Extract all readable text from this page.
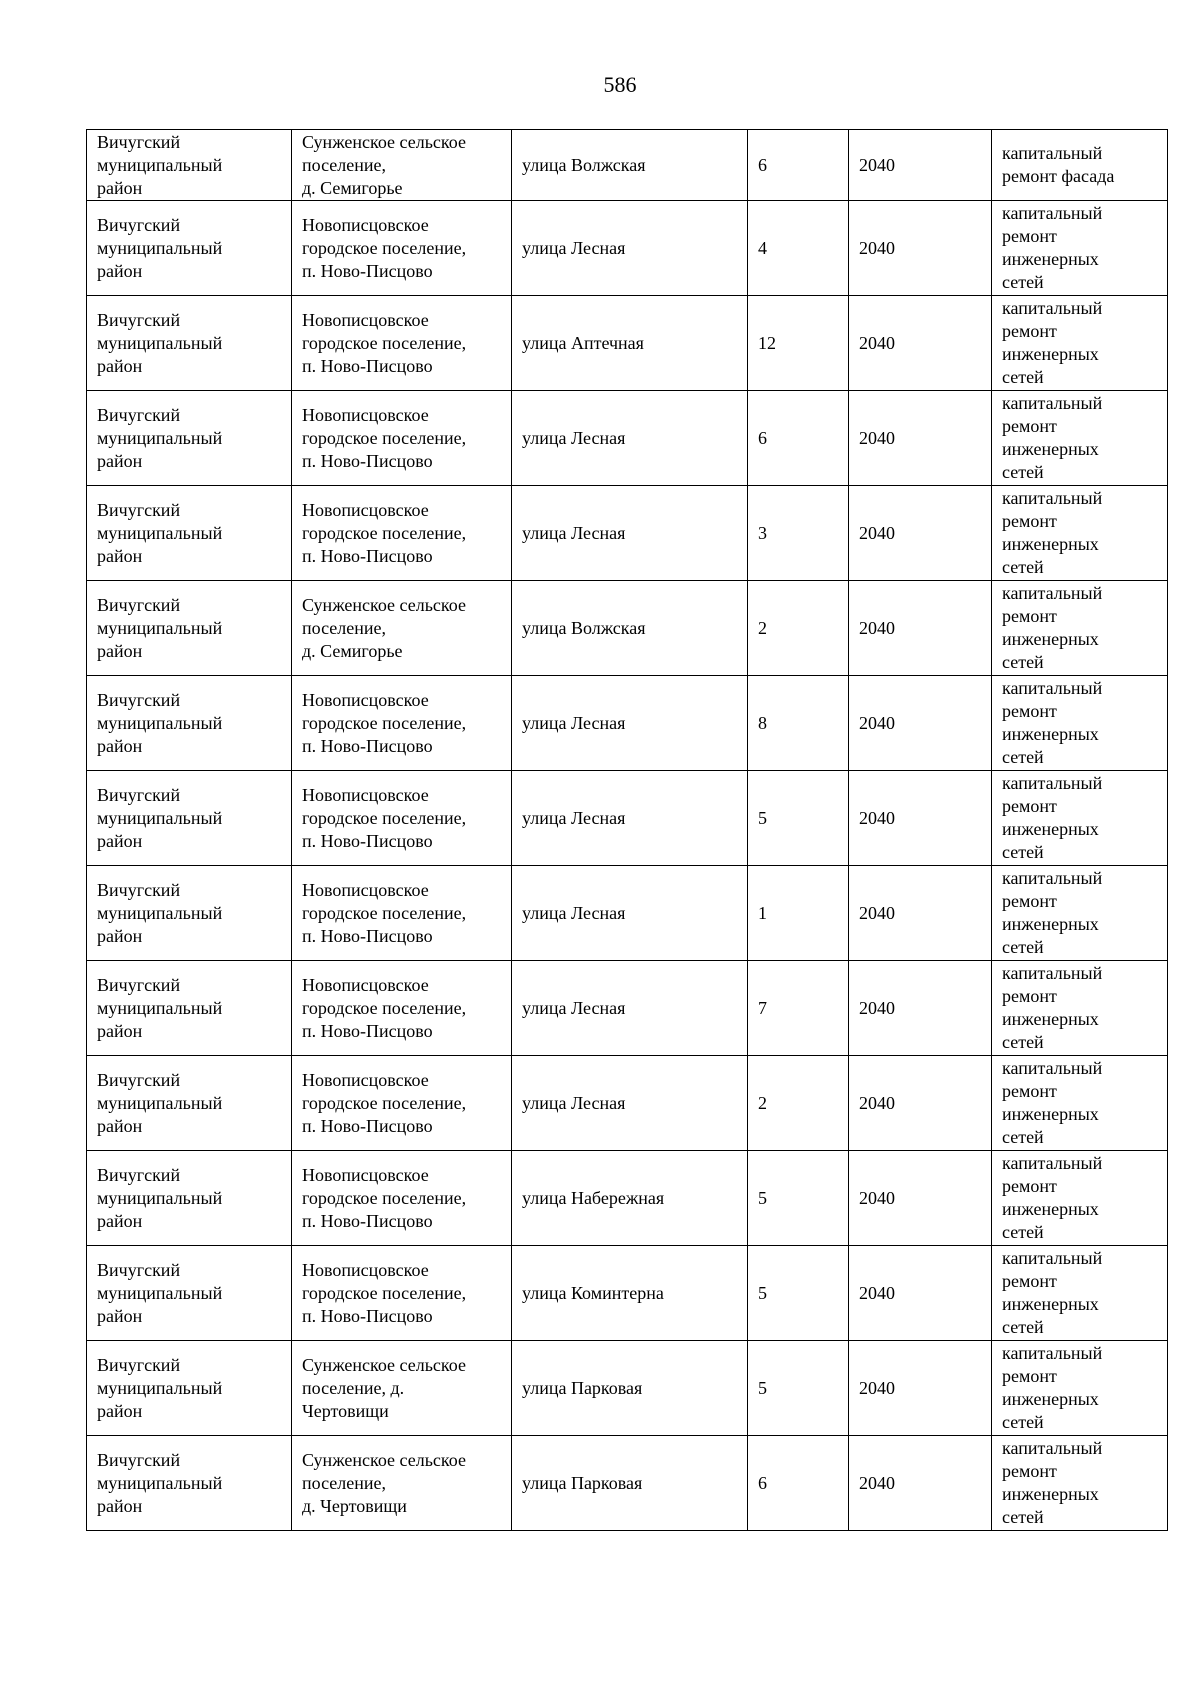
586
Вичугский
муниципальный
район	Сунженское сельское
поселение,
д. Семигорье	улица Волжская	6	2040	капитальный
ремонт фасада
Вичугский
муниципальный
район	Новописцовское
городское поселение,
п. Ново-Писцово	улица Лесная	4	2040	капитальный
ремонт
инженерных
сетей
Вичугский
муниципальный
район	Новописцовское
городское поселение,
п. Ново-Писцово	улица Аптечная	12	2040	капитальный
ремонт
инженерных
сетей
Вичугский
муниципальный
район	Новописцовское
городское поселение,
п. Ново-Писцово	улица Лесная	6	2040	капитальный
ремонт
инженерных
сетей
Вичугский
муниципальный
район	Новописцовское
городское поселение,
п. Ново-Писцово	улица Лесная	3	2040	капитальный
ремонт
инженерных
сетей
Вичугский
муниципальный
район	Сунженское сельское
поселение,
д. Семигорье	улица Волжская	2	2040	капитальный
ремонт
инженерных
сетей
Вичугский
муниципальный
район	Новописцовское
городское поселение,
п. Ново-Писцово	улица Лесная	8	2040	капитальный
ремонт
инженерных
сетей
Вичугский
муниципальный
район	Новописцовское
городское поселение,
п. Ново-Писцово	улица Лесная	5	2040	капитальный
ремонт
инженерных
сетей
Вичугский
муниципальный
район	Новописцовское
городское поселение,
п. Ново-Писцово	улица Лесная	1	2040	капитальный
ремонт
инженерных
сетей
Вичугский
муниципальный
район	Новописцовское
городское поселение,
п. Ново-Писцово	улица Лесная	7	2040	капитальный
ремонт
инженерных
сетей
Вичугский
муниципальный
район	Новописцовское
городское поселение,
п. Ново-Писцово	улица Лесная	2	2040	капитальный
ремонт
инженерных
сетей
Вичугский
муниципальный
район	Новописцовское
городское поселение,
п. Ново-Писцово	улица Набережная	5	2040	капитальный
ремонт
инженерных
сетей
Вичугский
муниципальный
район	Новописцовское
городское поселение,
п. Ново-Писцово	улица Коминтерна	5	2040	капитальный
ремонт
инженерных
сетей
Вичугский
муниципальный
район	Сунженское сельское
поселение, д.
Чертовищи	улица Парковая	5	2040	капитальный
ремонт
инженерных
сетей
Вичугский
муниципальный
район	Сунженское сельское
поселение,
д. Чертовищи	улица Парковая	6	2040	капитальный
ремонт
инженерных
сетей
